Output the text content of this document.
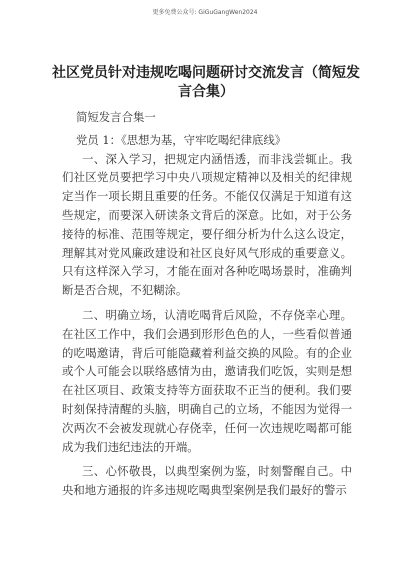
更多免费公众号: GiGuGangWen2024
社区党员针对违规吃喝问题研讨交流发言（简短发言合集）

简短发言合集一

党员 1：《思想为基，守牢吃喝纪律底线》

一、深入学习，把规定内涵悟透，而非浅尝辄止。我们社区党员要把学习中央八项规定精神以及相关的纪律规定当作一项长期且重要的任务。不能仅仅满足于知道有这些规定，而要深入研读条文背后的深意。比如，对于公务接待的标准、范围等规定，要仔细分析为什么这么设定，理解其对党风廉政建设和社区良好风气形成的重要意义。只有这样深入学习，才能在面对各种吃喝场景时，准确判断是否合规，不犯糊涂。

二、明确立场，认清吃喝背后风险，不存侥幸心理。在社区工作中，我们会遇到形形色色的人，一些看似普通的吃喝邀请，背后可能隐藏着利益交换的风险。有的企业或个人可能会以联络感情为由，邀请我们吃饭，实则是想在社区项目、政策支持等方面获取不正当的便利。我们要时刻保持清醒的头脑，明确自己的立场，不能因为觉得一次两次不会被发现就心存侥幸，任何一次违规吃喝都可能成为我们违纪违法的开端。

三、心怀敬畏，以典型案例为鉴，时刻警醒自己。中央和地方通报的许多违规吃喝典型案例是我们最好的警示
